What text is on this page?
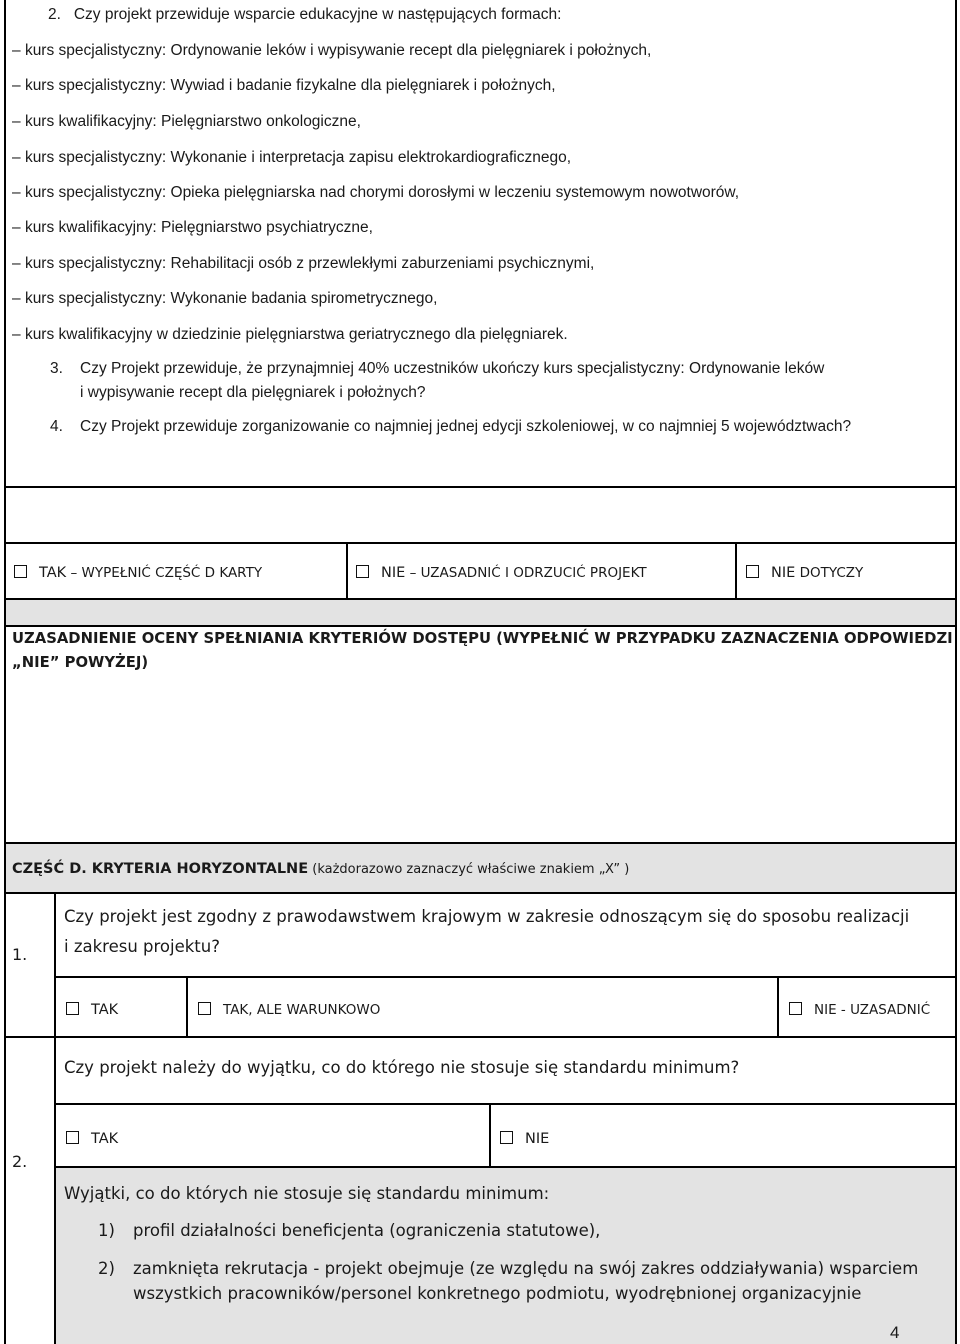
2.   Czy projekt przewiduje wsparcie edukacyjne w następujących formach:
– kurs specjalistyczny: Ordynowanie leków i wypisywanie recept dla pielęgniarek i położnych,
– kurs specjalistyczny: Wywiad i badanie fizykalne dla pielęgniarek i położnych,
– kurs kwalifikacyjny: Pielęgniarstwo onkologiczne,
– kurs specjalistyczny: Wykonanie i interpretacja zapisu elektrokardiograficznego,
– kurs specjalistyczny: Opieka pielęgniarska nad chorymi dorosłymi w leczeniu systemowym nowotworów,
– kurs kwalifikacyjny: Pielęgniarstwo psychiatryczne,
– kurs specjalistyczny: Rehabilitacji osób z przewlekłymi zaburzeniami psychicznymi,
– kurs specjalistyczny: Wykonanie badania spirometrycznego,
– kurs kwalifikacyjny w dziedzinie pielęgniarstwa geriatrycznego dla pielęgniarek.
3. Czy Projekt przewiduje, że przynajmniej 40% uczestników ukończy kurs specjalistyczny: Ordynowanie leków
i wypisywanie recept dla pielęgniarek i położnych?
4. Czy Projekt przewiduje zorganizowanie co najmniej jednej edycji szkoleniowej, w co najmniej 5 województwach?
TAK – WYPEŁNIĆ CZĘŚĆ D KARTY	NIE – UZASADNIĆ I ODRZUCIĆ PROJEKT	NIE DOTYCZY
UZASADNIENIE OCENY SPEŁNIANIA KRYTERIÓW DOSTĘPU (WYPEŁNIĆ W PRZYPADKU ZAZNACZENIA ODPOWIEDZI
„NIE” POWYŻEJ)
CZĘŚĆ D. KRYTERIA HORYZONTALNE (każdorazowo zaznaczyć właściwe znakiem „X” )
1.
Czy projekt jest zgodny z prawodawstwem krajowym w zakresie odnoszącym się do sposobu realizacji
i zakresu projektu?
TAK	TAK, ALE WARUNKOWO	NIE - UZASADNIĆ
2.
Czy projekt należy do wyjątku, co do którego nie stosuje się standardu minimum?
TAK	NIE
Wyjątki, co do których nie stosuje się standardu minimum:
1) profil działalności beneficjenta (ograniczenia statutowe),
2) zamknięta rekrutacja - projekt obejmuje (ze względu na swój zakres oddziaływania) wsparciem
wszystkich pracowników/personel konkretnego podmiotu, wyodrębnionej organizacyjnie
4
